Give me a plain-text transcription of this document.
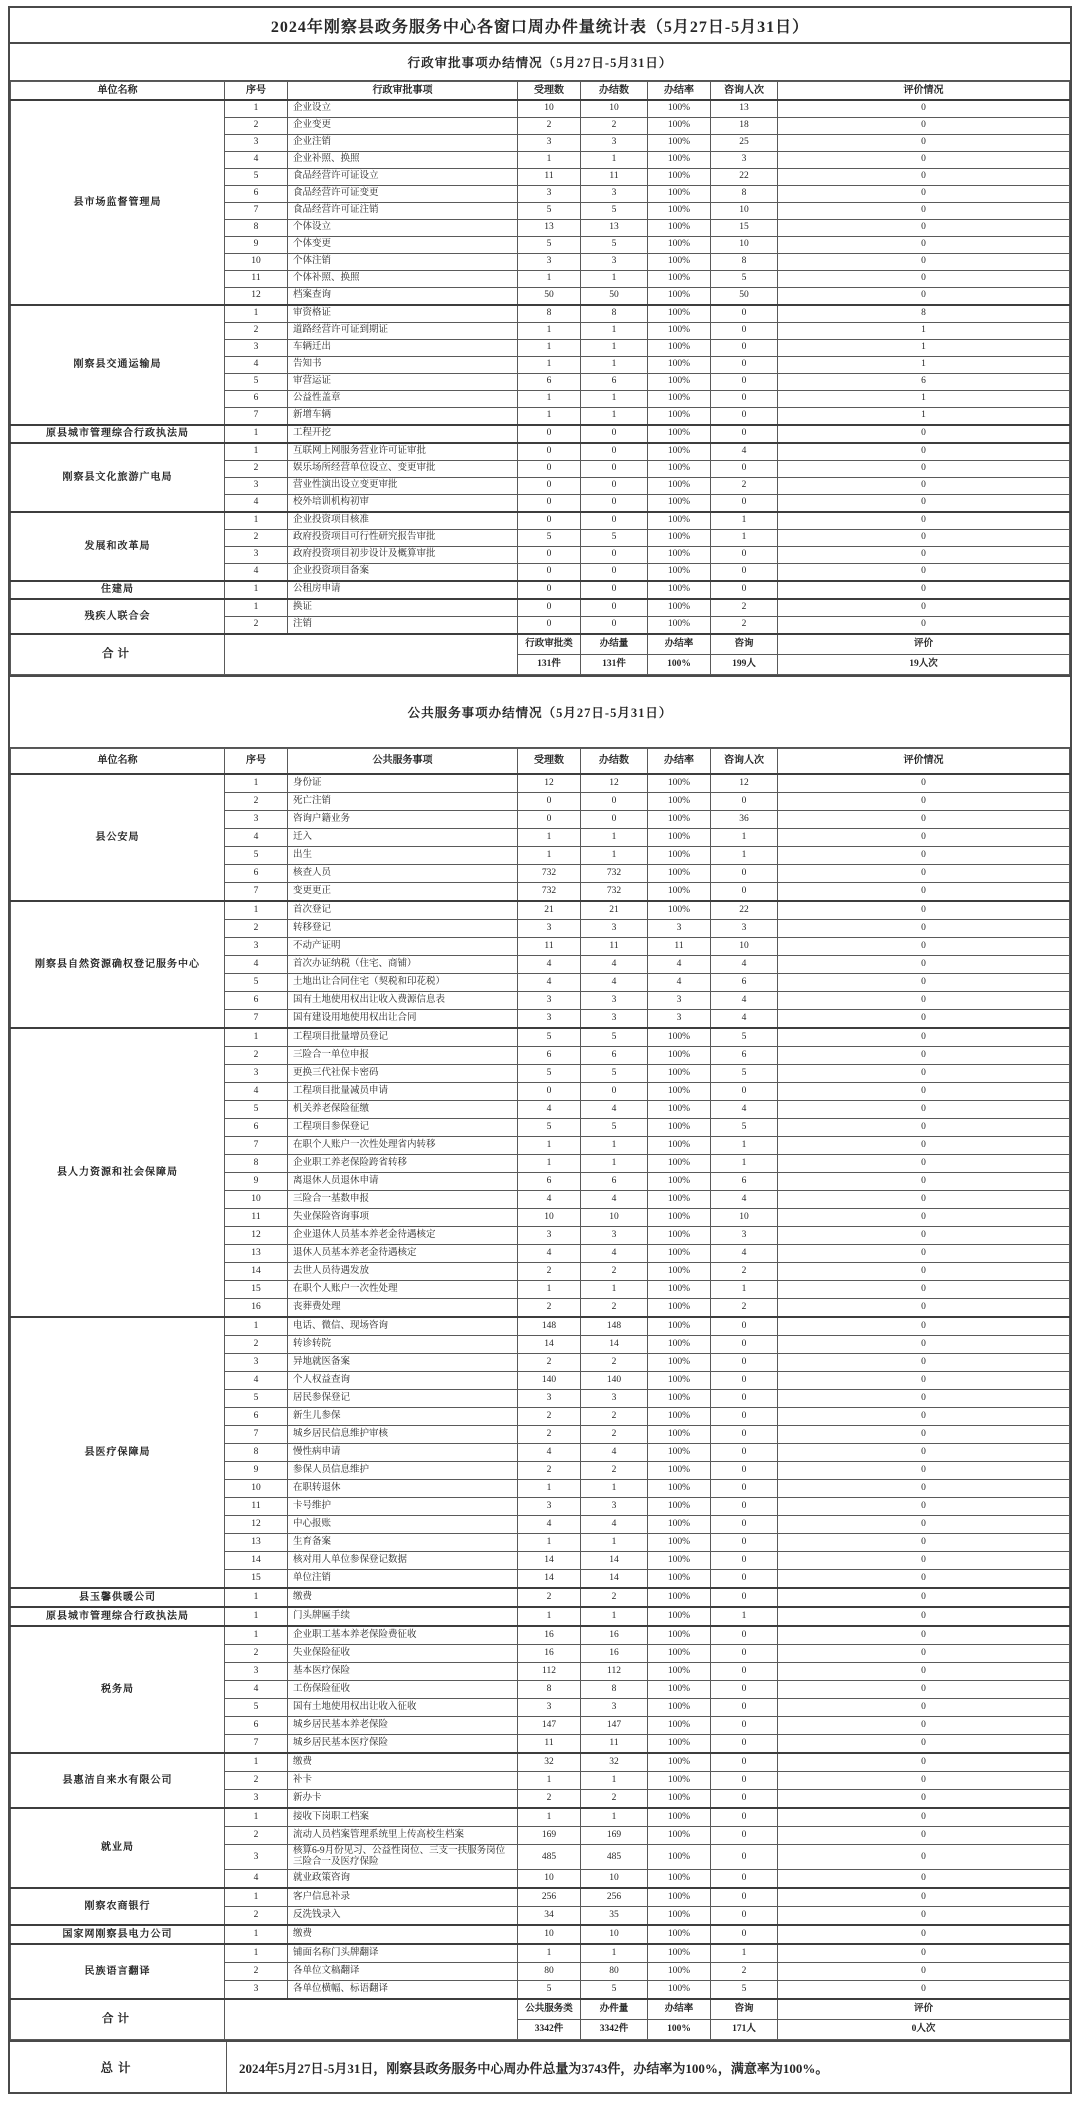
2024年刚察县政务服务中心各窗口周办件量统计表（5月27日-5月31日）
行政审批事项办结情况（5月27日-5月31日）
单位名称	序号	行政审批事项	受理数	办结数	办结率	咨询人次	评价情况
县市场监督管理局	1	企业设立	10	10	100%	13	0
	2	企业变更	2	2	100%	18	0
	3	企业注销	3	3	100%	25	0
	4	企业补照、换照	1	1	100%	3	0
	5	食品经营许可证设立	11	11	100%	22	0
	6	食品经营许可证变更	3	3	100%	8	0
	7	食品经营许可证注销	5	5	100%	10	0
	8	个体设立	13	13	100%	15	0
	9	个体变更	5	5	100%	10	0
	10	个体注销	3	3	100%	8	0
	11	个体补照、换照	1	1	100%	5	0
	12	档案查询	50	50	100%	50	0
刚察县交通运输局	1	审资格证	8	8	100%	0	8
	2	道路经营许可证到期证	1	1	100%	0	1
	3	车辆迁出	1	1	100%	0	1
	4	告知书	1	1	100%	0	1
	5	审营运证	6	6	100%	0	6
	6	公益性盖章	1	1	100%	0	1
	7	新增车辆	1	1	100%	0	1
原县城市管理综合行政执法局	1	工程开挖	0	0	100%	0	0
刚察县文化旅游广电局	1	互联网上网服务营业许可证审批	0	0	100%	4	0
	2	娱乐场所经营单位设立、变更审批	0	0	100%	0	0
	3	营业性演出设立变更审批	0	0	100%	2	0
	4	校外培训机构初审	0	0	100%	0	0
发展和改革局	1	企业投资项目核准	0	0	100%	1	0
	2	政府投资项目可行性研究报告审批	5	5	100%	1	0
	3	政府投资项目初步设计及概算审批	0	0	100%	0	0
	4	企业投资项目备案	0	0	100%	0	0
住建局	1	公租房申请	0	0	100%	0	0
残疾人联合会	1	换证	0	0	100%	2	0
	2	注销	0	0	100%	2	0
合计			行政审批类	办结量	办结率	咨询	评价
			131件	131件	100%	199人	19人次
公共服务事项办结情况（5月27日-5月31日）
单位名称	序号	公共服务事项	受理数	办结数	办结率	咨询人次	评价情况
县公安局	1	身份证	12	12	100%	12	0
	2	死亡注销	0	0	100%	0	0
	3	咨询户籍业务	0	0	100%	36	0
	4	迁入	1	1	100%	1	0
	5	出生	1	1	100%	1	0
	6	核查人员	732	732	100%	0	0
	7	变更更正	732	732	100%	0	0
刚察县自然资源确权登记服务中心	1	首次登记	21	21	100%	22	0
	2	转移登记	3	3	3	3	0
	3	不动产证明	11	11	11	10	0
	4	首次办证纳税（住宅、商铺）	4	4	4	4	0
	5	土地出让合同住宅（契税和印花税）	4	4	4	6	0
	6	国有土地使用权出让收入费源信息表	3	3	3	4	0
	7	国有建设用地使用权出让合同	3	3	3	4	0
县人力资源和社会保障局	1	工程项目批量增员登记	5	5	100%	5	0
	2	三险合一单位申报	6	6	100%	6	0
	3	更换三代社保卡密码	5	5	100%	5	0
	4	工程项目批量减员申请	0	0	100%	0	0
	5	机关养老保险征缴	4	4	100%	4	0
	6	工程项目参保登记	5	5	100%	5	0
	7	在职个人账户一次性处理省内转移	1	1	100%	1	0
	8	企业职工养老保险跨省转移	1	1	100%	1	0
	9	离退休人员退休申请	6	6	100%	6	0
	10	三险合一基数申报	4	4	100%	4	0
	11	失业保险咨询事项	10	10	100%	10	0
	12	企业退休人员基本养老金待遇核定	3	3	100%	3	0
	13	退休人员基本养老金待遇核定	4	4	100%	4	0
	14	去世人员待遇发放	2	2	100%	2	0
	15	在职个人账户一次性处理	1	1	100%	1	0
	16	丧葬费处理	2	2	100%	2	0
县医疗保障局	1	电话、微信、现场咨询	148	148	100%	0	0
	2	转诊转院	14	14	100%	0	0
	3	异地就医备案	2	2	100%	0	0
	4	个人权益查询	140	140	100%	0	0
	5	居民参保登记	3	3	100%	0	0
	6	新生儿参保	2	2	100%	0	0
	7	城乡居民信息维护审核	2	2	100%	0	0
	8	慢性病申请	4	4	100%	0	0
	9	参保人员信息维护	2	2	100%	0	0
	10	在职转退休	1	1	100%	0	0
	11	卡号维护	3	3	100%	0	0
	12	中心报账	4	4	100%	0	0
	13	生育备案	1	1	100%	0	0
	14	核对用人单位参保登记数据	14	14	100%	0	0
	15	单位注销	14	14	100%	0	0
县玉馨供暖公司	1	缴费	2	2	100%	0	0
原县城市管理综合行政执法局	1	门头牌匾手续	1	1	100%	1	0
税务局	1	企业职工基本养老保险费征收	16	16	100%	0	0
	2	失业保险征收	16	16	100%	0	0
	3	基本医疗保险	112	112	100%	0	0
	4	工伤保险征收	8	8	100%	0	0
	5	国有土地使用权出让收入征收	3	3	100%	0	0
	6	城乡居民基本养老保险	147	147	100%	0	0
	7	城乡居民基本医疗保险	11	11	100%	0	0
县惠洁自来水有限公司	1	缴费	32	32	100%	0	0
	2	补卡	1	1	100%	0	0
	3	新办卡	2	2	100%	0	0
就业局	1	接收下岗职工档案	1	1	100%	0	0
	2	流动人员档案管理系统里上传高校生档案	169	169	100%	0	0
	3	核算6-9月份见习、公益性岗位、三支一扶服务岗位三险合一及医疗保险	485	485	100%	0	0
	4	就业政策咨询	10	10	100%	0	0
刚察农商银行	1	客户信息补录	256	256	100%	0	0
	2	反洗钱录入	34	35	100%	0	0
国家网刚察县电力公司	1	缴费	10	10	100%	0	0
民族语言翻译	1	铺面名称门头牌翻译	1	1	100%	1	0
	2	各单位文稿翻译	80	80	100%	2	0
	3	各单位横幅、标语翻译	5	5	100%	5	0
合计			公共服务类	办件量	办结率	咨询	评价
			3342件	3342件	100%	171人	0人次
总计	2024年5月27日-5月31日，刚察县政务服务中心周办件总量为3743件，办结率为100%，满意率为100%。
